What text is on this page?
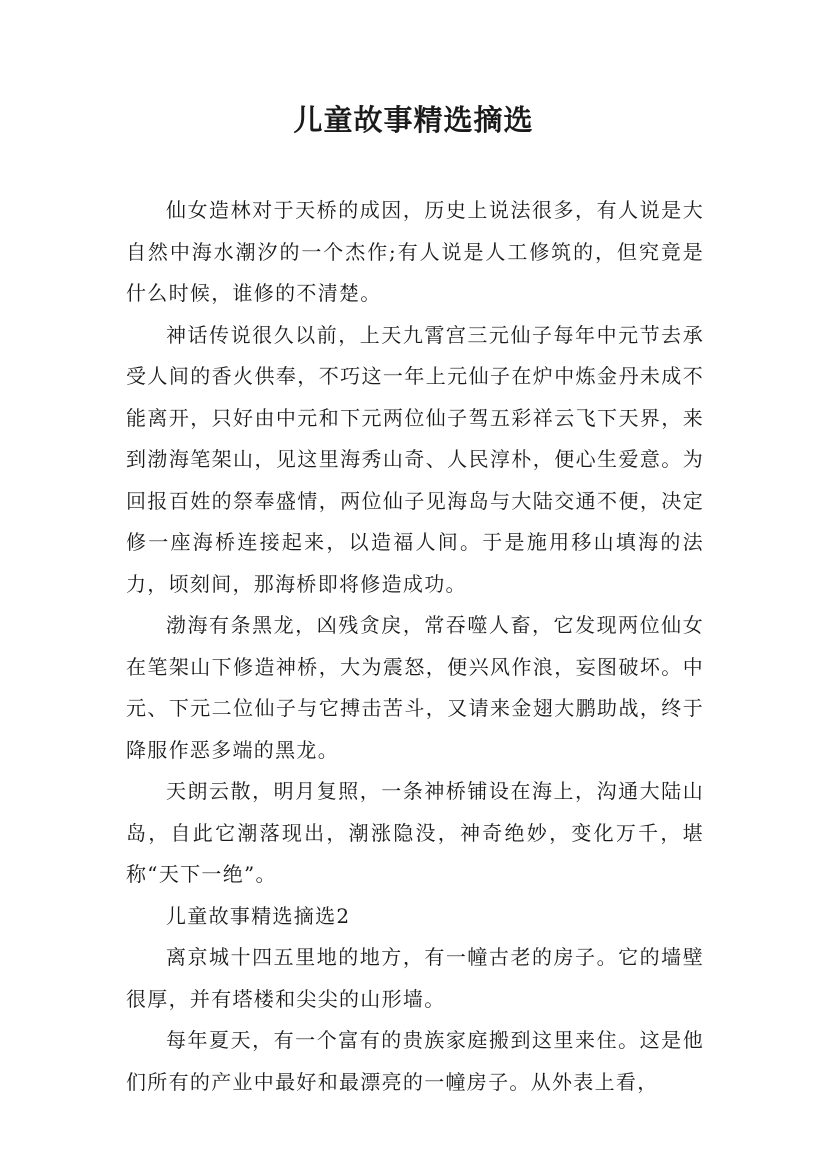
儿童故事精选摘选

仙女造林对于天桥的成因，历史上说法很多，有人说是大自然中海水潮汐的一个杰作;有人说是人工修筑的，但究竟是什么时候，谁修的不清楚。

神话传说很久以前，上天九霄宫三元仙子每年中元节去承受人间的香火供奉，不巧这一年上元仙子在炉中炼金丹未成不能离开，只好由中元和下元两位仙子驾五彩祥云飞下天界，来到渤海笔架山，见这里海秀山奇、人民淳朴，便心生爱意。为回报百姓的祭奉盛情，两位仙子见海岛与大陆交通不便，决定修一座海桥连接起来，以造福人间。于是施用移山填海的法力，顷刻间，那海桥即将修造成功。

渤海有条黑龙，凶残贪戾，常吞噬人畜，它发现两位仙女在笔架山下修造神桥，大为震怒，便兴风作浪，妄图破坏。中元、下元二位仙子与它搏击苦斗，又请来金翅大鹏助战，终于降服作恶多端的黑龙。

天朗云散，明月复照，一条神桥铺设在海上，沟通大陆山岛，自此它潮落现出，潮涨隐没，神奇绝妙，变化万千，堪称“天下一绝”。

儿童故事精选摘选2

离京城十四五里地的地方，有一幢古老的房子。它的墙壁很厚，并有塔楼和尖尖的山形墙。

每年夏天，有一个富有的贵族家庭搬到这里来住。这是他们所有的产业中最好和最漂亮的一幢房子。从外表上看，
